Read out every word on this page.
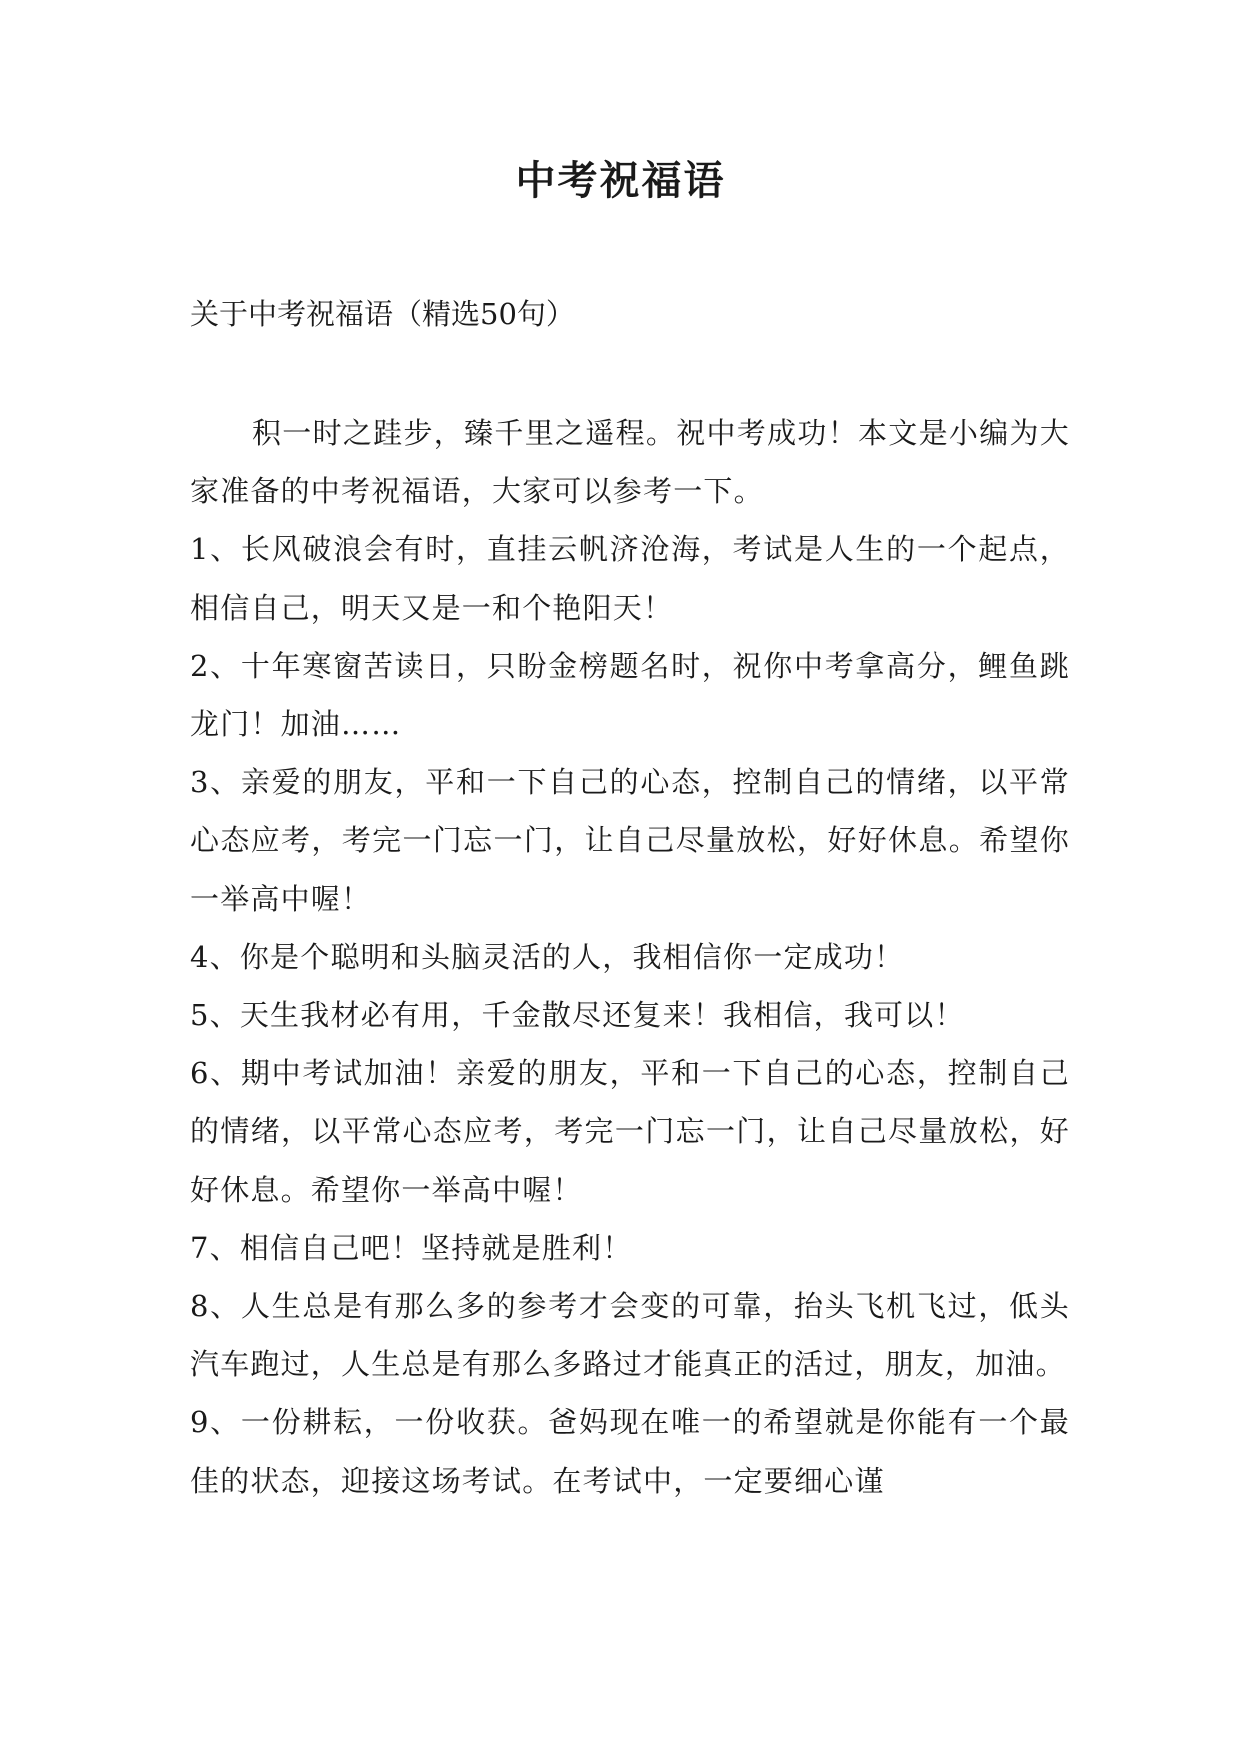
中考祝福语

关于中考祝福语（精选50句）

积一时之跬步，臻千里之遥程。祝中考成功！本文是小编为大家准备的中考祝福语，大家可以参考一下。

1、长风破浪会有时，直挂云帆济沧海，考试是人生的一个起点，相信自己，明天又是一和个艳阳天！

2、十年寒窗苦读日，只盼金榜题名时，祝你中考拿高分，鲤鱼跳龙门！加油……

3、亲爱的朋友，平和一下自己的心态，控制自己的情绪，以平常心态应考，考完一门忘一门，让自己尽量放松，好好休息。希望你一举高中喔！

4、你是个聪明和头脑灵活的人，我相信你一定成功！

5、天生我材必有用，千金散尽还复来！我相信，我可以！

6、期中考试加油！亲爱的朋友，平和一下自己的心态，控制自己的情绪，以平常心态应考，考完一门忘一门，让自己尽量放松，好好休息。希望你一举高中喔！

7、相信自己吧！坚持就是胜利！

8、人生总是有那么多的参考才会变的可靠，抬头飞机飞过，低头汽车跑过，人生总是有那么多路过才能真正的活过，朋友，加油。

9、一份耕耘，一份收获。爸妈现在唯一的希望就是你能有一个最佳的状态，迎接这场考试。在考试中，一定要细心谨
